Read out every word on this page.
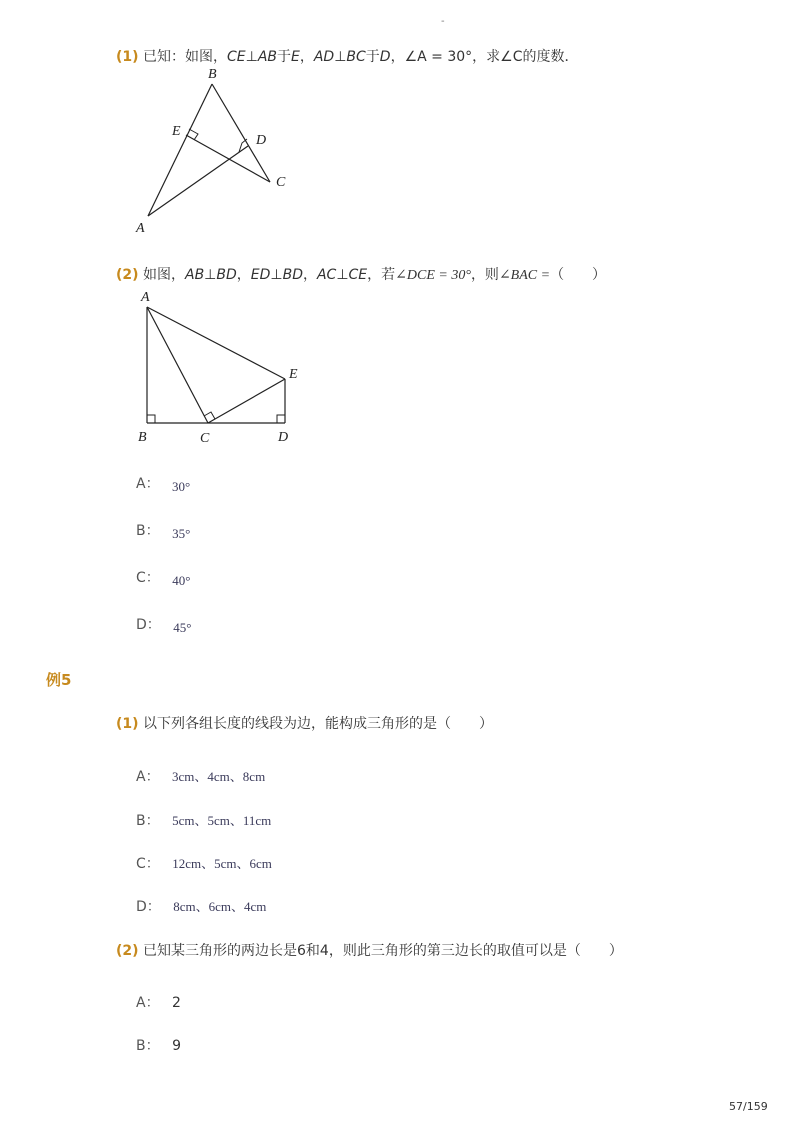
-
(1) 已知：如图，CE⊥AB于E，AD⊥BC于D，∠A = 30°，求∠C的度数．
B
E
D
C
A
(2) 如图，AB⊥BD，ED⊥BD，AC⊥CE，若∠DCE = 30°，则∠BAC =（　　）
A
B	C	D
E
A： 30°
B： 35°
C： 40°
D： 45°
例5
(1) 以下列各组长度的线段为边，能构成三角形的是（　　）
A： 3cm、4cm、8cm
B： 5cm、5cm、11cm
C： 12cm、5cm、6cm
D： 8cm、6cm、4cm
(2) 已知某三角形的两边长是6和4，则此三角形的第三边长的取值可以是（　　）
A： 2
B： 9
57/159
